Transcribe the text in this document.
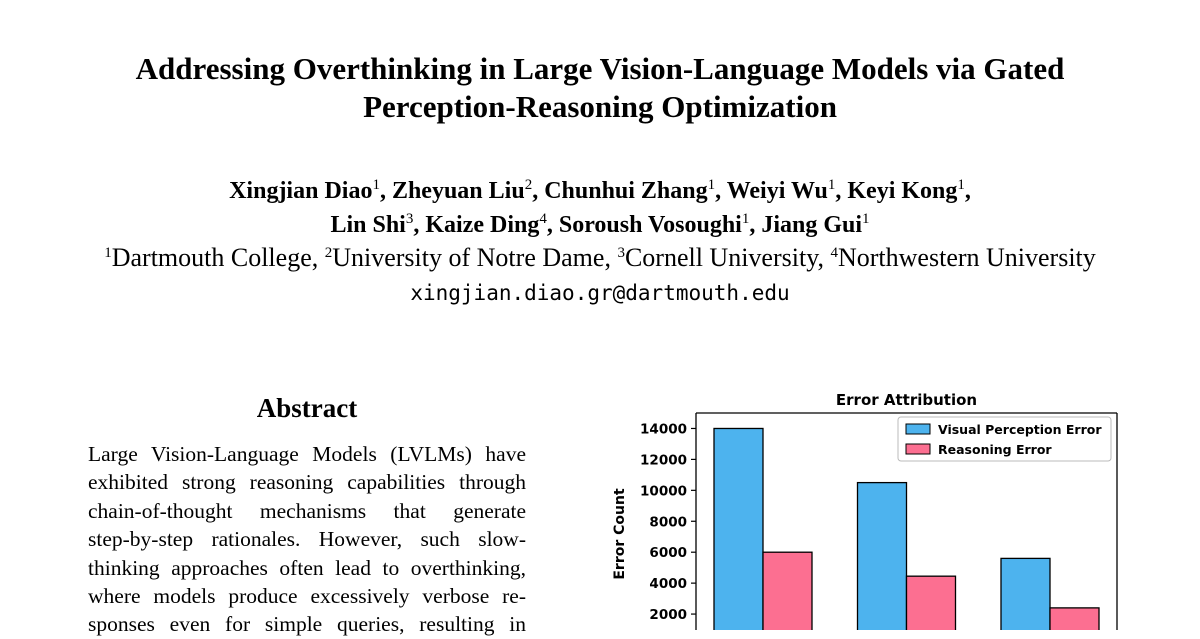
Addressing Overthinking in Large Vision-Language Models via Gated
Perception-Reasoning Optimization
Xingjian Diao$^1$, Zheyuan Liu$^2$, Chunhui Zhang$^1$, Weiyi Wu$^1$, Keyi Kong$^1$,
Lin Shi$^3$, Kaize Ding$^4$, Soroush Vosoughi$^1$, Jiang Gui$^1$
$^1$Dartmouth College, $^2$University of Notre Dame, $^3$Cornell University, $^4$Northwestern University
xingjian.diao.gr@dartmouth.edu
Abstract
Large Vision-Language Models (LVLMs) have
exhibited strong reasoning capabilities through
chain-of-thought mechanisms that generate
step-by-step rationales. However, such slow-
thinking approaches often lead to overthinking,
where models produce excessively verbose re-
sponses even for simple queries, resulting in
Error Attribution
Error Count
2000
4000
6000
8000
10000
12000
14000	Visual Perception Error
Reasoning Error
